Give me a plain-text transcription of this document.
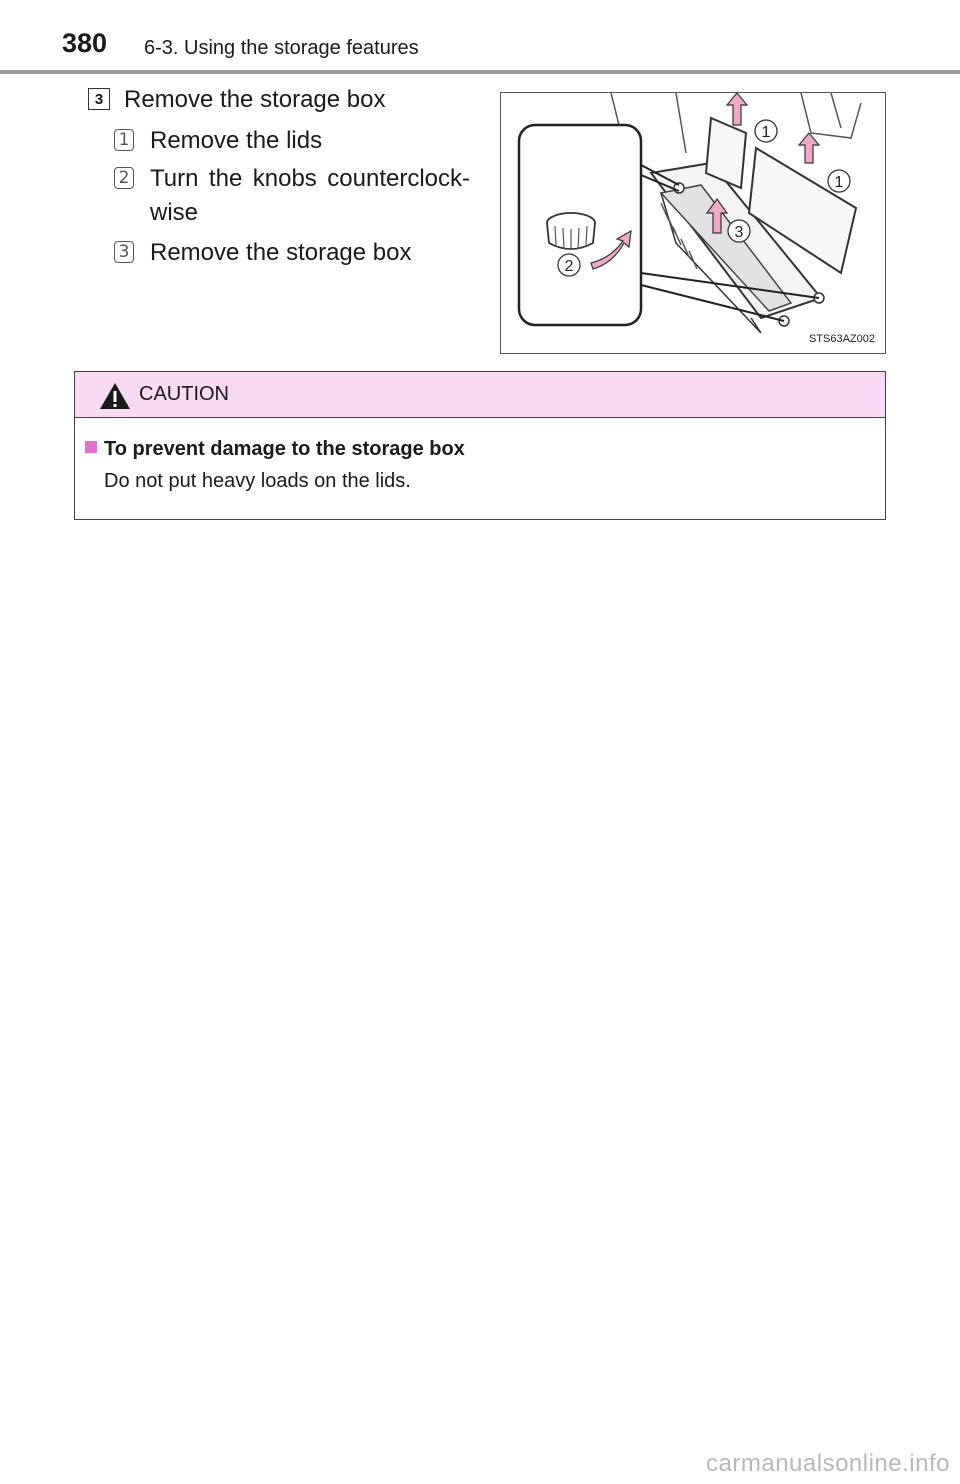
380 6-3. Using the storage features
3 Remove the storage box
1 Remove the lids
2 Turn the knobs counterclock-wise
3 Remove the storage box
1
1
2
3
STS63AZ002
CAUTION
To prevent damage to the storage box
Do not put heavy loads on the lids.
carmanualsonline.info
